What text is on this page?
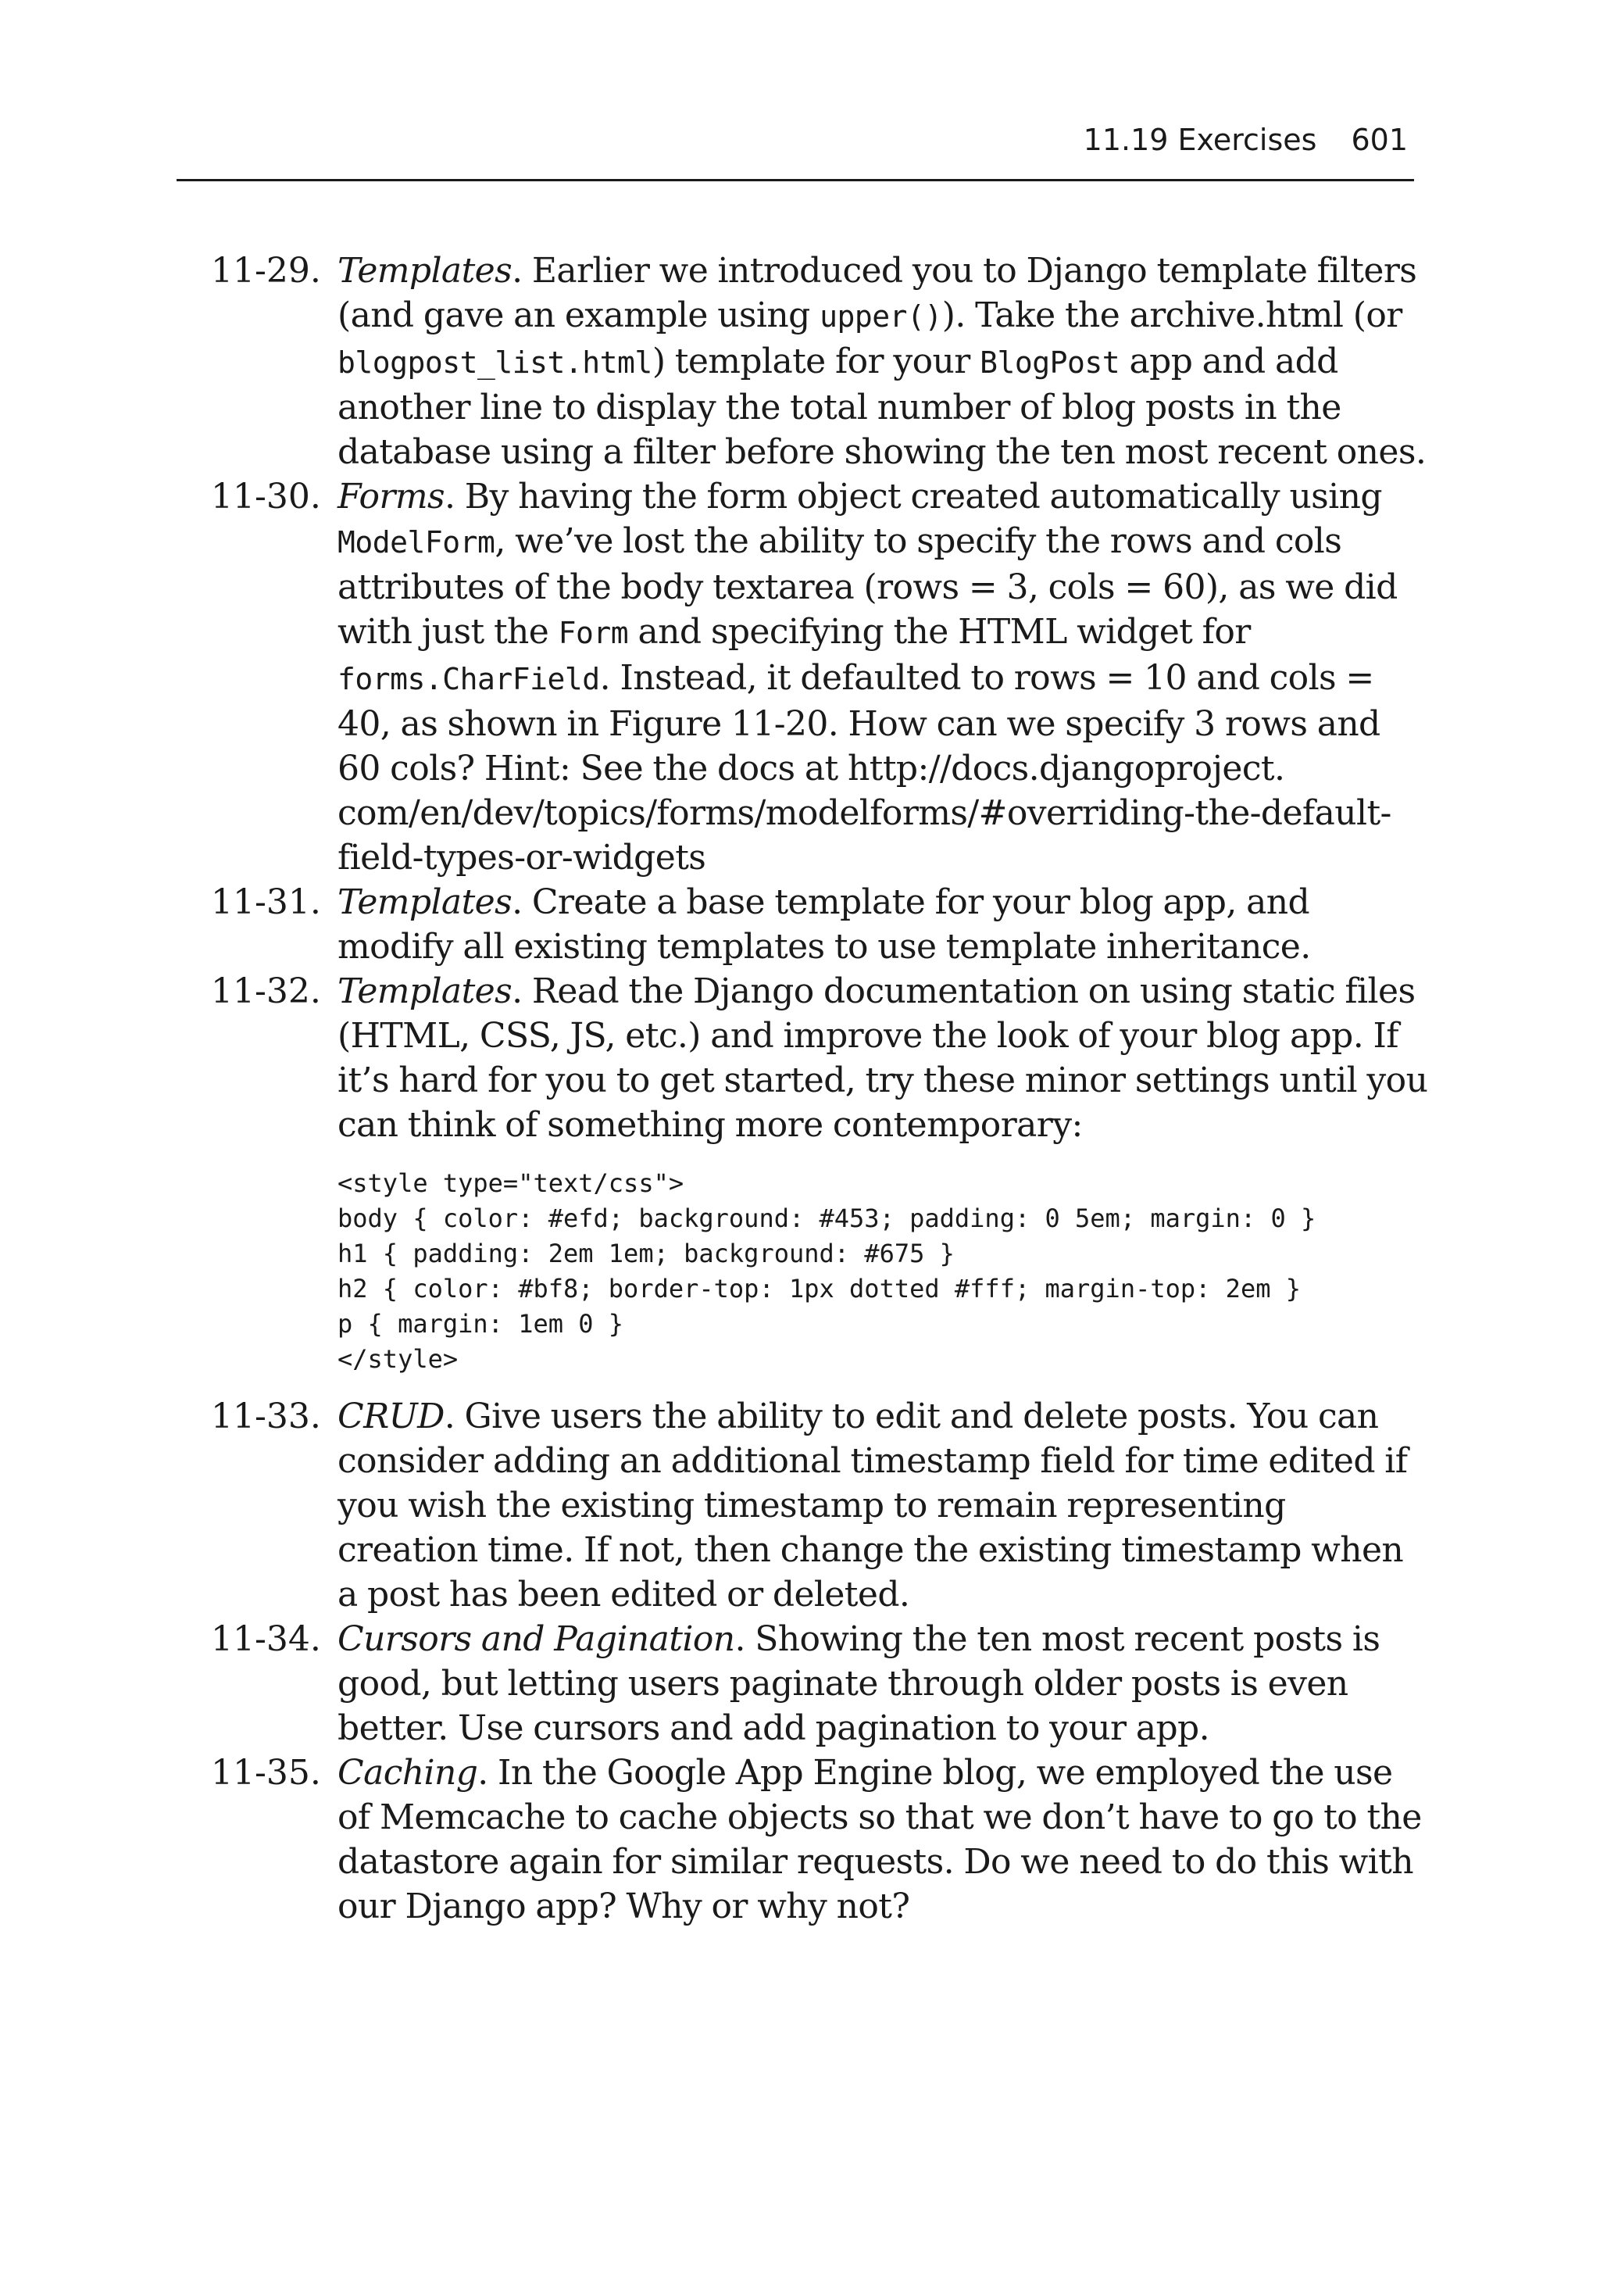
11.19 Exercises 601
11-29. Templates. Earlier we introduced you to Django template filters (and gave an example using upper()). Take the archive.html (or blogpost_list.html) template for your BlogPost app and add another line to display the total number of blog posts in the database using a filter before showing the ten most recent ones.
11-30. Forms. By having the form object created automatically using ModelForm, we’ve lost the ability to specify the rows and cols attributes of the body textarea (rows = 3, cols = 60), as we did with just the Form and specifying the HTML widget for forms.CharField. Instead, it defaulted to rows = 10 and cols = 40, as shown in Figure 11-20. How can we specify 3 rows and 60 cols? Hint: See the docs at http://docs.djangoproject. com/en/dev/topics/forms/modelforms/#overriding-the-default-field-types-or-widgets
11-31. Templates. Create a base template for your blog app, and modify all existing templates to use template inheritance.
11-32. Templates. Read the Django documentation on using static files (HTML, CSS, JS, etc.) and improve the look of your blog app. If it’s hard for you to get started, try these minor settings until you can think of something more contemporary:
<style type="text/css">
body { color: #efd; background: #453; padding: 0 5em; margin: 0 }
h1 { padding: 2em 1em; background: #675 }
h2 { color: #bf8; border-top: 1px dotted #fff; margin-top: 2em }
p { margin: 1em 0 }
</style>
11-33. CRUD. Give users the ability to edit and delete posts. You can consider adding an additional timestamp field for time edited if you wish the existing timestamp to remain representing creation time. If not, then change the existing timestamp when a post has been edited or deleted.
11-34. Cursors and Pagination. Showing the ten most recent posts is good, but letting users paginate through older posts is even better. Use cursors and add pagination to your app.
11-35. Caching. In the Google App Engine blog, we employed the use of Memcache to cache objects so that we don’t have to go to the datastore again for similar requests. Do we need to do this with our Django app? Why or why not?
